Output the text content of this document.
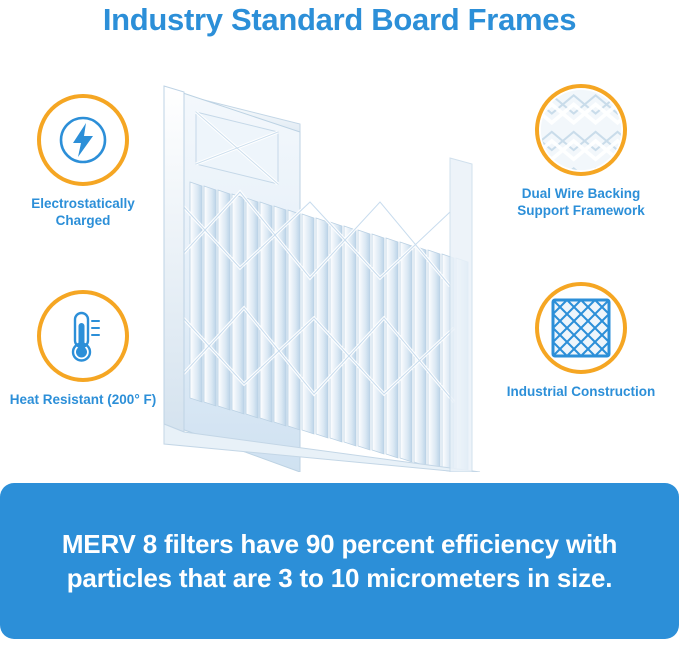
Industry Standard Board Frames
Electrostatically Charged
Heat Resistant (200° F)
Dual Wire Backing Support Framework
Industrial Construction
MERV 8 filters have 90 percent efficiency with particles that are 3 to 10 micrometers in size.
